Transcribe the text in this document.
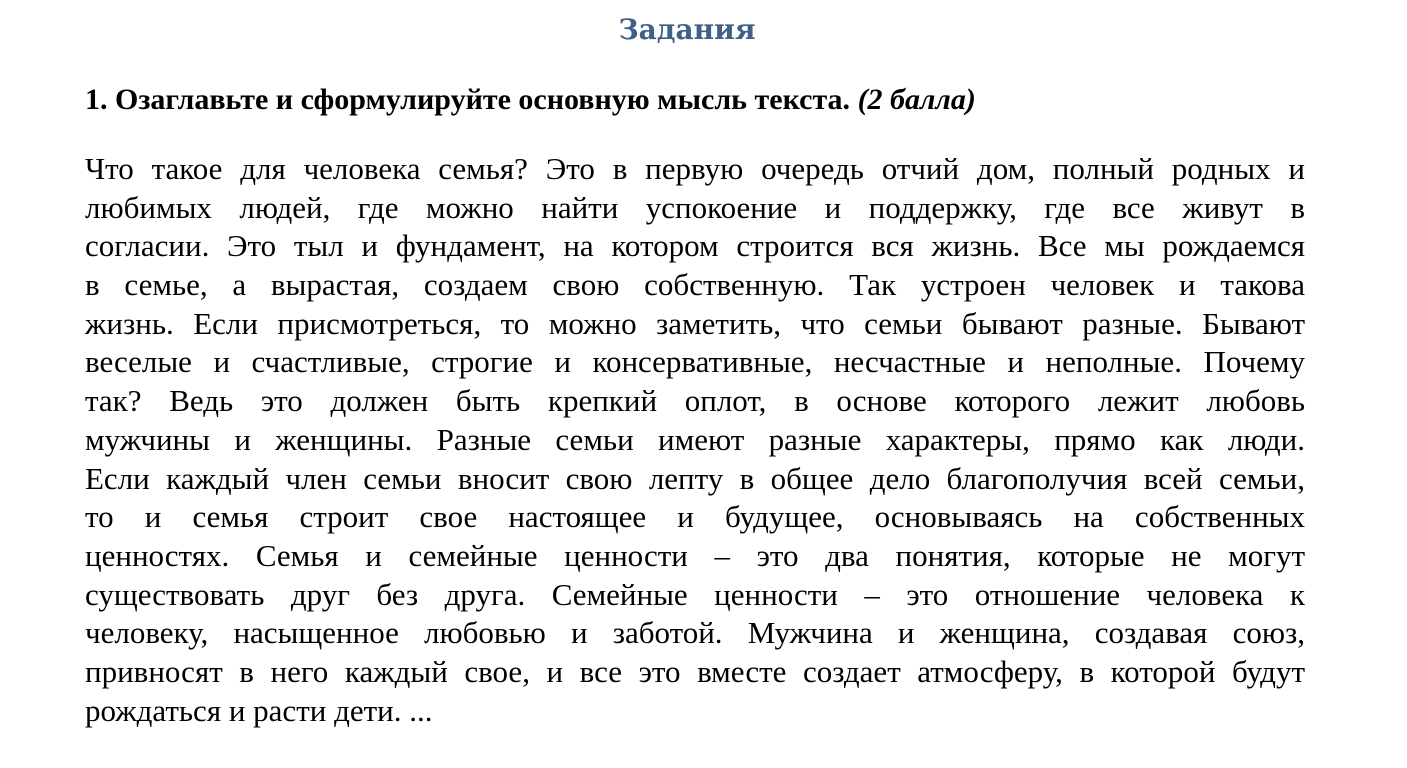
Задания

1. Озаглавьте и сформулируйте основную мысль текста. (2 балла)

Что такое для человека семья? Это в первую очередь отчий дом, полный родных и
любимых людей, где можно найти успокоение и поддержку, где все живут в
согласии. Это тыл и фундамент, на котором строится вся жизнь. Все мы рождаемся
в семье, а вырастая, создаем свою собственную. Так устроен человек и такова
жизнь. Если присмотреться, то можно заметить, что семьи бывают разные. Бывают
веселые и счастливые, строгие и консервативные, несчастные и неполные. Почему
так? Ведь это должен быть крепкий оплот, в основе которого лежит любовь
мужчины и женщины. Разные семьи имеют разные характеры, прямо как люди.
Если каждый член семьи вносит свою лепту в общее дело благополучия всей семьи,
то и семья строит свое настоящее и будущее, основываясь на собственных
ценностях. Семья и семейные ценности – это два понятия, которые не могут
существовать друг без друга. Семейные ценности – это отношение человека к
человеку, насыщенное любовью и заботой. Мужчина и женщина, создавая союз,
привносят в него каждый свое, и все это вместе создает атмосферу, в которой будут
рождаться и расти дети. ...
